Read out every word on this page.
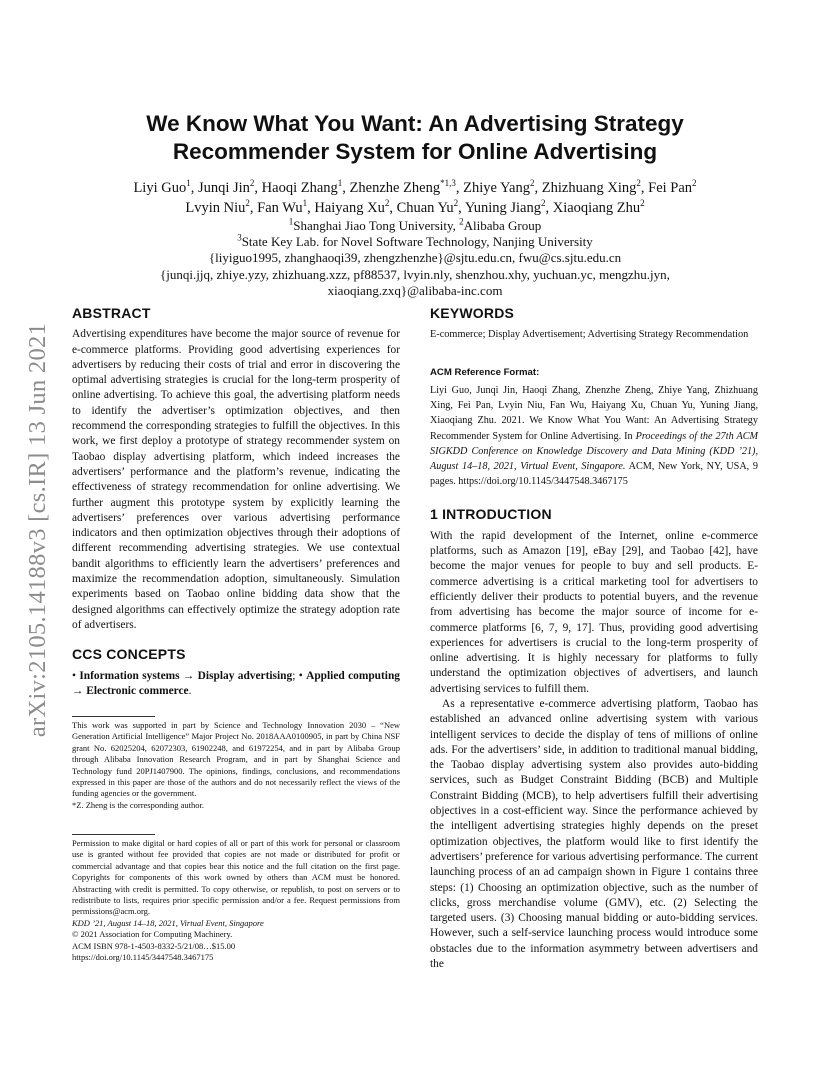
arXiv:2105.14188v3 [cs.IR] 13 Jun 2021
We Know What You Want: An Advertising Strategy
Recommender System for Online Advertising
Liyi Guo$^1$, Junqi Jin$^2$, Haoqi Zhang$^1$, Zhenzhe Zheng$^{*1,3}$, Zhiye Yang$^2$, Zhizhuang Xing$^2$, Fei Pan$^2$
Lvyin Niu$^2$, Fan Wu$^1$, Haiyang Xu$^2$, Chuan Yu$^2$, Yuning Jiang$^2$, Xiaoqiang Zhu$^2$
$^1$Shanghai Jiao Tong University, $^2$Alibaba Group
$^3$State Key Lab. for Novel Software Technology, Nanjing University
{liyiguo1995, zhanghaoqi39, zhengzhenzhe}@sjtu.edu.cn, fwu@cs.sjtu.edu.cn
{junqi.jjq, zhiye.yzy, zhizhuang.xzz, pf88537, lvyin.nly, shenzhou.xhy, yuchuan.yc, mengzhu.jyn,
xiaoqiang.zxq}@alibaba-inc.com
ABSTRACT

Advertising expenditures have become the major source of revenue for e-commerce platforms. Providing good advertising experiences for advertisers by reducing their costs of trial and error in discovering the optimal advertising strategies is crucial for the long-term prosperity of online advertising. To achieve this goal, the advertising platform needs to identify the advertiser’s optimization objectives, and then recommend the corresponding strategies to fulfill the objectives. In this work, we first deploy a prototype of strategy recommender system on Taobao display advertising platform, which indeed increases the advertisers’ performance and the platform’s revenue, indicating the effectiveness of strategy recommendation for online advertising. We further augment this prototype system by explicitly learning the advertisers’ preferences over various advertising performance indicators and then optimization objectives through their adoptions of different recommending advertising strategies. We use contextual bandit algorithms to efficiently learn the advertisers’ preferences and maximize the recommendation adoption, simultaneously. Simulation experiments based on Taobao online bidding data show that the designed algorithms can effectively optimize the strategy adoption rate of advertisers.

CCS CONCEPTS

• Information systems → Display advertising; • Applied computing → Electronic commerce.

This work was supported in part by Science and Technology Innovation 2030 – “New Generation Artificial Intelligence” Major Project No. 2018AAA0100905, in part by China NSF grant No. 62025204, 62072303, 61902248, and 61972254, and in part by Alibaba Group through Alibaba Innovation Research Program, and in part by Shanghai Science and Technology fund 20PJ1407900. The opinions, findings, conclusions, and recommendations expressed in this paper are those of the authors and do not necessarily reflect the views of the funding agencies or the government.

*Z. Zheng is the corresponding author.

Permission to make digital or hard copies of all or part of this work for personal or classroom use is granted without fee provided that copies are not made or distributed for profit or commercial advantage and that copies bear this notice and the full citation on the first page. Copyrights for components of this work owned by others than ACM must be honored. Abstracting with credit is permitted. To copy otherwise, or republish, to post on servers or to redistribute to lists, requires prior specific permission and/or a fee. Request permissions from permissions@acm.org.

KDD ’21, August 14–18, 2021, Virtual Event, Singapore

© 2021 Association for Computing Machinery.

ACM ISBN 978-1-4503-8332-5/21/08…$15.00

https://doi.org/10.1145/3447548.3467175

KEYWORDS

E-commerce; Display Advertisement; Advertising Strategy Recommendation

ACM Reference Format:

Liyi Guo, Junqi Jin, Haoqi Zhang, Zhenzhe Zheng, Zhiye Yang, Zhizhuang Xing, Fei Pan, Lvyin Niu, Fan Wu, Haiyang Xu, Chuan Yu, Yuning Jiang, Xiaoqiang Zhu. 2021. We Know What You Want: An Advertising Strategy Recommender System for Online Advertising. In Proceedings of the 27th ACM SIGKDD Conference on Knowledge Discovery and Data Mining (KDD ’21), August 14–18, 2021, Virtual Event, Singapore. ACM, New York, NY, USA, 9 pages. https://doi.org/10.1145/3447548.3467175

1 INTRODUCTION

With the rapid development of the Internet, online e-commerce platforms, such as Amazon [19], eBay [29], and Taobao [42], have become the major venues for people to buy and sell products. E-commerce advertising is a critical marketing tool for advertisers to efficiently deliver their products to potential buyers, and the revenue from advertising has become the major source of income for e-commerce platforms [6, 7, 9, 17]. Thus, providing good advertising experiences for advertisers is crucial to the long-term prosperity of online advertising. It is highly necessary for platforms to fully understand the optimization objectives of advertisers, and launch advertising services to fulfill them.

As a representative e-commerce advertising platform, Taobao has established an advanced online advertising system with various intelligent services to decide the display of tens of millions of online ads. For the advertisers’ side, in addition to traditional manual bidding, the Taobao display advertising system also provides auto-bidding services, such as Budget Constraint Bidding (BCB) and Multiple Constraint Bidding (MCB), to help advertisers fulfill their advertising objectives in a cost-efficient way. Since the performance achieved by the intelligent advertising strategies highly depends on the preset optimization objectives, the platform would like to first identify the advertisers’ preference for various advertising performance. The current launching process of an ad campaign shown in Figure 1 contains three steps: (1) Choosing an optimization objective, such as the number of clicks, gross merchandise volume (GMV), etc. (2) Selecting the targeted users. (3) Choosing manual bidding or auto-bidding services. However, such a self-service launching process would introduce some obstacles due to the information asymmetry between advertisers and the
